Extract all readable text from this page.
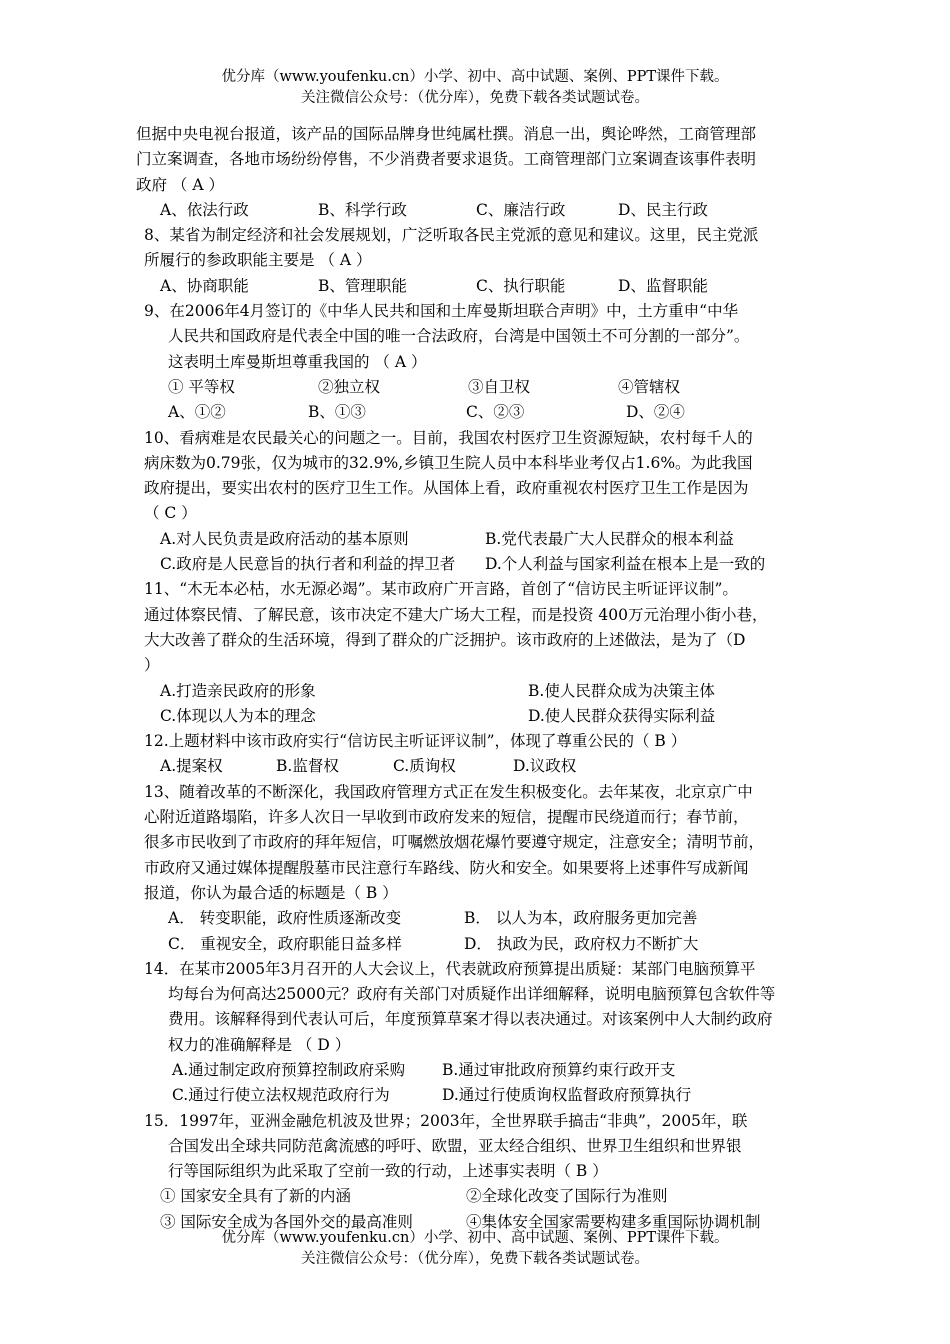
优分库（www.youfenku.cn）小学、初中、高中试题、案例、PPT课件下载。
关注微信公众号：（优分库），免费下载各类试题试卷。
但据中央电视台报道，该产品的国际品牌身世纯属杜撰。消息一出，舆论哗然，工商管理部
门立案调查，各地市场纷纷停售，不少消费者要求退货。工商管理部门立案调查该事件表明
政府 （ A ）
A、依法行政	B、科学行政	C、廉洁行政	D、民主行政
8、某省为制定经济和社会发展规划，广泛听取各民主党派的意见和建议。这里，民主党派
所履行的参政职能主要是 （ A ）
A、协商职能	B、管理职能	C、执行职能	D、监督职能
9、在2006年4月签订的《中华人民共和国和土库曼斯坦联合声明》中，土方重申“中华
人民共和国政府是代表全中国的唯一合法政府，台湾是中国领土不可分割的一部分”。
这表明土库曼斯坦尊重我国的 （ A ）
① 平等权	②独立权	③自卫权	④管辖权
A、①②	B、①③	C、②③	D、②④
10、看病难是农民最关心的问题之一。目前，我国农村医疗卫生资源短缺，农村每千人的
病床数为0.79张，仅为城市的32.9%,乡镇卫生院人员中本科毕业考仅占1.6%。为此我国
政府提出，要实出农村的医疗卫生工作。从国体上看，政府重视农村医疗卫生工作是因为
（ C ）
A.对人民负责是政府活动的基本原则	B.党代表最广大人民群众的根本利益
C.政府是人民意旨的执行者和利益的捍卫者	D.个人利益与国家利益在根本上是一致的
11、“木无本必枯，水无源必竭”。某市政府广开言路，首创了“信访民主听证评议制”。
通过体察民情、了解民意，该市决定不建大广场大工程，而是投资 400万元治理小街小巷，
大大改善了群众的生活环境，得到了群众的广泛拥护。该市政府的上述做法，是为了（D
）
A.打造亲民政府的形象	B.使人民群众成为决策主体
C.体现以人为本的理念	D.使人民群众获得实际利益
12.上题材料中该市政府实行“信访民主听证评议制”，体现了尊重公民的（ B ）
A.提案权	B.监督权	C.质询权	D.议政权
13、随着改革的不断深化，我国政府管理方式正在发生积极变化。去年某夜，北京京广中
心附近道路塌陷，许多人次日一早收到市政府发来的短信，提醒市民绕道而行；春节前，
很多市民收到了市政府的拜年短信，叮嘱燃放烟花爆竹要遵守规定，注意安全；清明节前，
市政府又通过媒体提醒殷墓市民注意行车路线、防火和安全。如果要将上述事件写成新闻
报道，你认为最合适的标题是（ B ）
A． 转变职能，政府性质逐渐改变	B． 以人为本，政府服务更加完善
C． 重视安全，政府职能日益多样	D． 执政为民，政府权力不断扩大
14．在某市2005年3月召开的人大会议上，代表就政府预算提出质疑：某部门电脑预算平
均每台为何高达25000元？政府有关部门对质疑作出详细解释，说明电脑预算包含软件等
费用。该解释得到代表认可后，年度预算草案才得以表决通过。对该案例中人大制约政府
权力的准确解释是 （ D ）
A.通过制定政府预算控制政府采购	B.通过审批政府预算约束行政开支
C.通过行使立法权规范政府行为	D.通过行使质询权监督政府预算执行
15．1997年，亚洲金融危机波及世界；2003年，全世界联手搞击“非典”，2005年，联
合国发出全球共同防范禽流感的呼吁、欧盟，亚太经合组织、世界卫生组织和世界银
行等国际组织为此采取了空前一致的行动，上述事实表明（ B ）
① 国家安全具有了新的内涵	②全球化改变了国际行为准则
③ 国际安全成为各国外交的最高准则	④集体安全国家需要构建多重国际协调机制
优分库（www.youfenku.cn）小学、初中、高中试题、案例、PPT课件下载。
关注微信公众号：（优分库），免费下载各类试题试卷。
